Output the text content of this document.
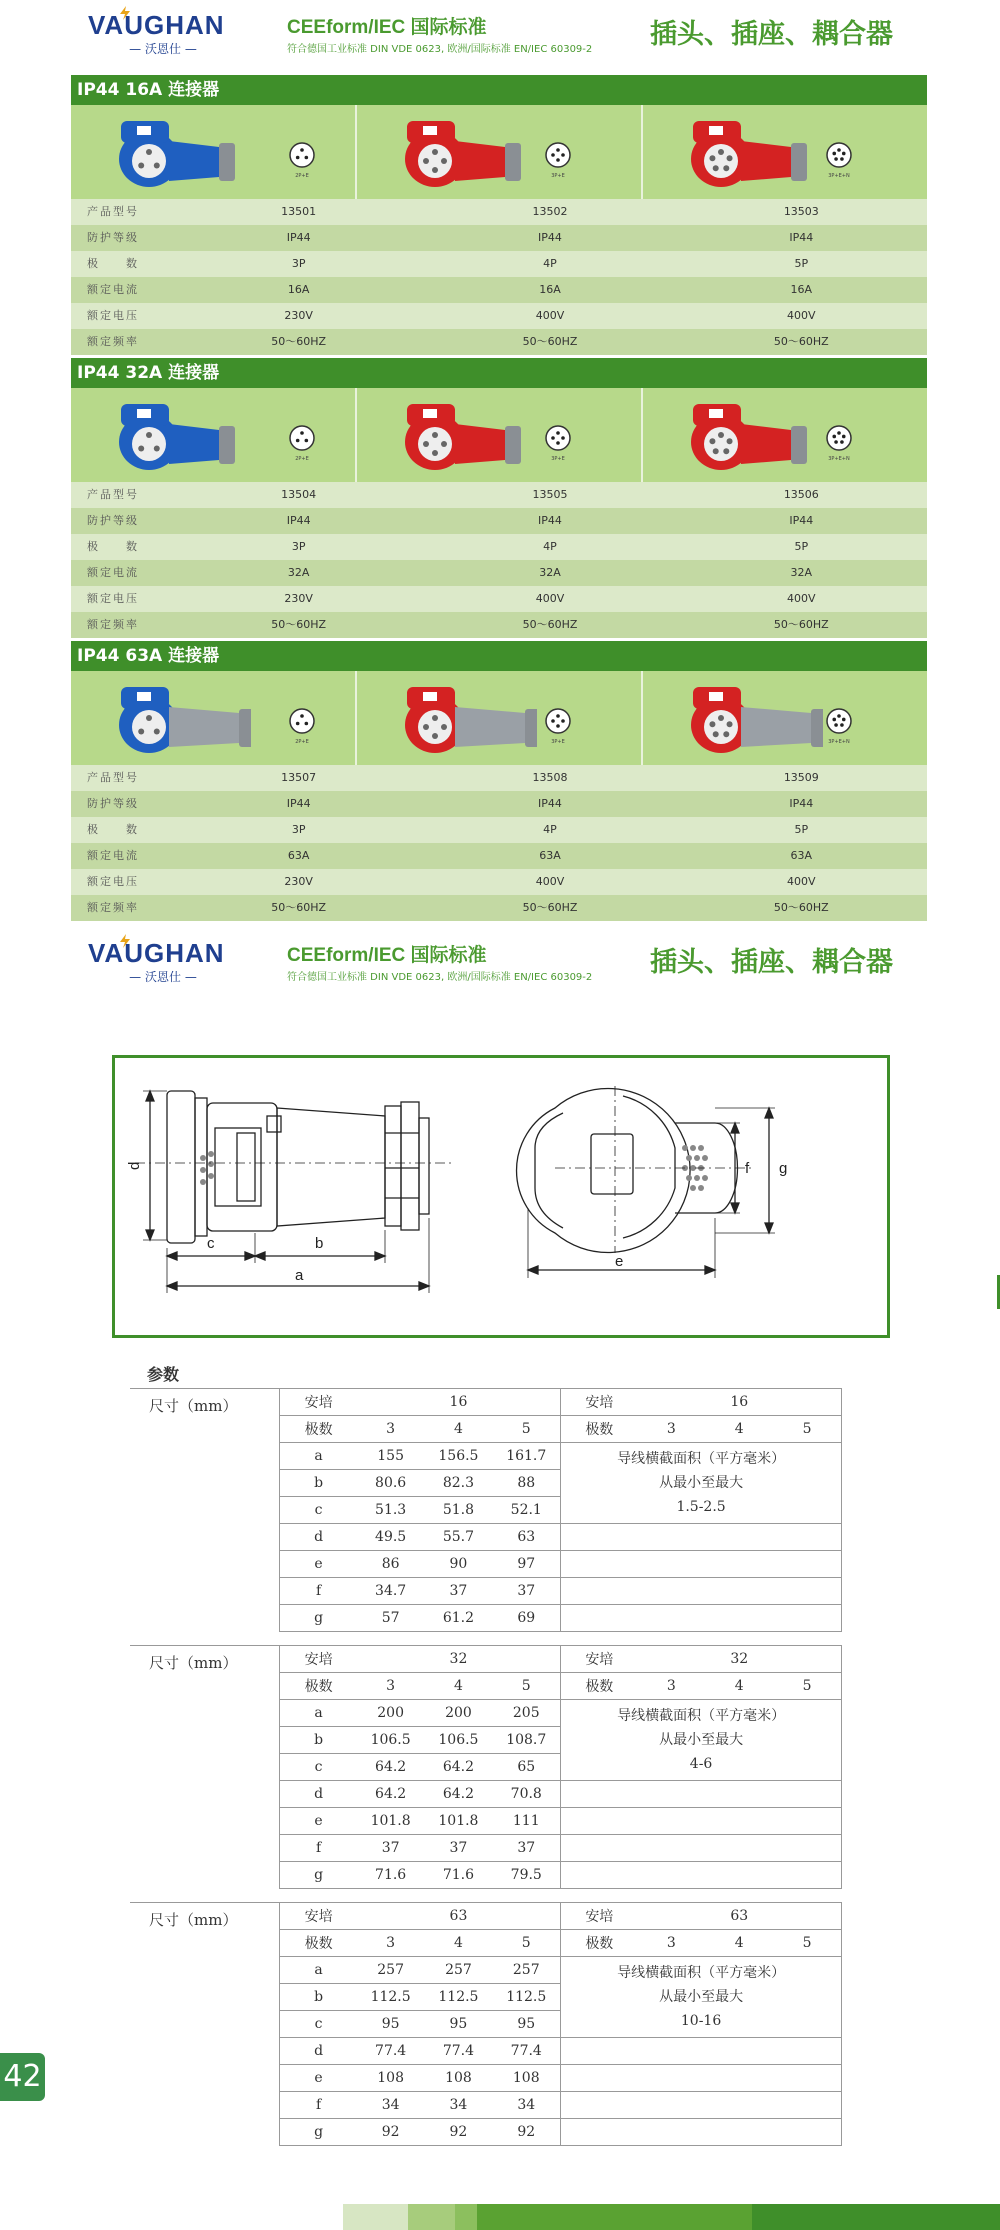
VAUGHAN
— 沃恩仕 —
CEEform/IEC 国际标准
符合德国工业标准 DIN VDE 0623, 欧洲/国际标准 EN/IEC 60309-2 插头、插座、耦合器
IP44 16A 连接器
2P+E	3P+E	3P+E+N
产品型号	13501	13502	13503
防护等级	IP44	IP44	IP44
极　　数	3P	4P	5P
额定电流	16A	16A	16A
额定电压	230V	400V	400V
额定频率	50～60HZ	50～60HZ	50～60HZ
IP44 32A 连接器
2P+E	3P+E	3P+E+N
产品型号	13504	13505	13506
防护等级	IP44	IP44	IP44
极　　数	3P	4P	5P
额定电流	32A	32A	32A
额定电压	230V	400V	400V
额定频率	50～60HZ	50～60HZ	50～60HZ
IP44 63A 连接器
2P+E	3P+E	3P+E+N
产品型号	13507	13508	13509
防护等级	IP44	IP44	IP44
极　　数	3P	4P	5P
额定电流	63A	63A	63A
额定电压	230V	400V	400V
额定频率	50～60HZ	50～60HZ	50～60HZ
VAUGHAN
— 沃恩仕 —
CEEform/IEC 国际标准
符合德国工业标准 DIN VDE 0623, 欧洲/国际标准 EN/IEC 60309-2 插头、插座、耦合器
d
c	b
a
e
f g
参数
尺寸（mm）	安培	16			安培	16		
	极数	3	4	5	极数	3	4	5
	a	155	156.5	161.7	导线横截面积（平方毫米）
从最小至最大
1.5-2.5			

	b	80.6	82.3	88				
	c	51.3	51.8	52.1				
	d	49.5	55.7	63				
	e	86	90	97				
	f	34.7	37	37				
	g	57	61.2	69				
尺寸（mm）	安培	32			安培	32		
	极数	3	4	5	极数	3	4	5
	a	200	200	205	导线横截面积（平方毫米）
从最小至最大
4-6			

	b	106.5	106.5	108.7				
	c	64.2	64.2	65				
	d	64.2	64.2	70.8				
	e	101.8	101.8	111				
	f	37	37	37				
	g	71.6	71.6	79.5				
尺寸（mm）	安培	63			安培	63		
	极数	3	4	5	极数	3	4	5
	a	257	257	257	导线横截面积（平方毫米）
从最小至最大
10-16			

	b	112.5	112.5	112.5				
	c	95	95	95				
	d	77.4	77.4	77.4				
	e	108	108	108				
	f	34	34	34				
	g	92	92	92				
42
